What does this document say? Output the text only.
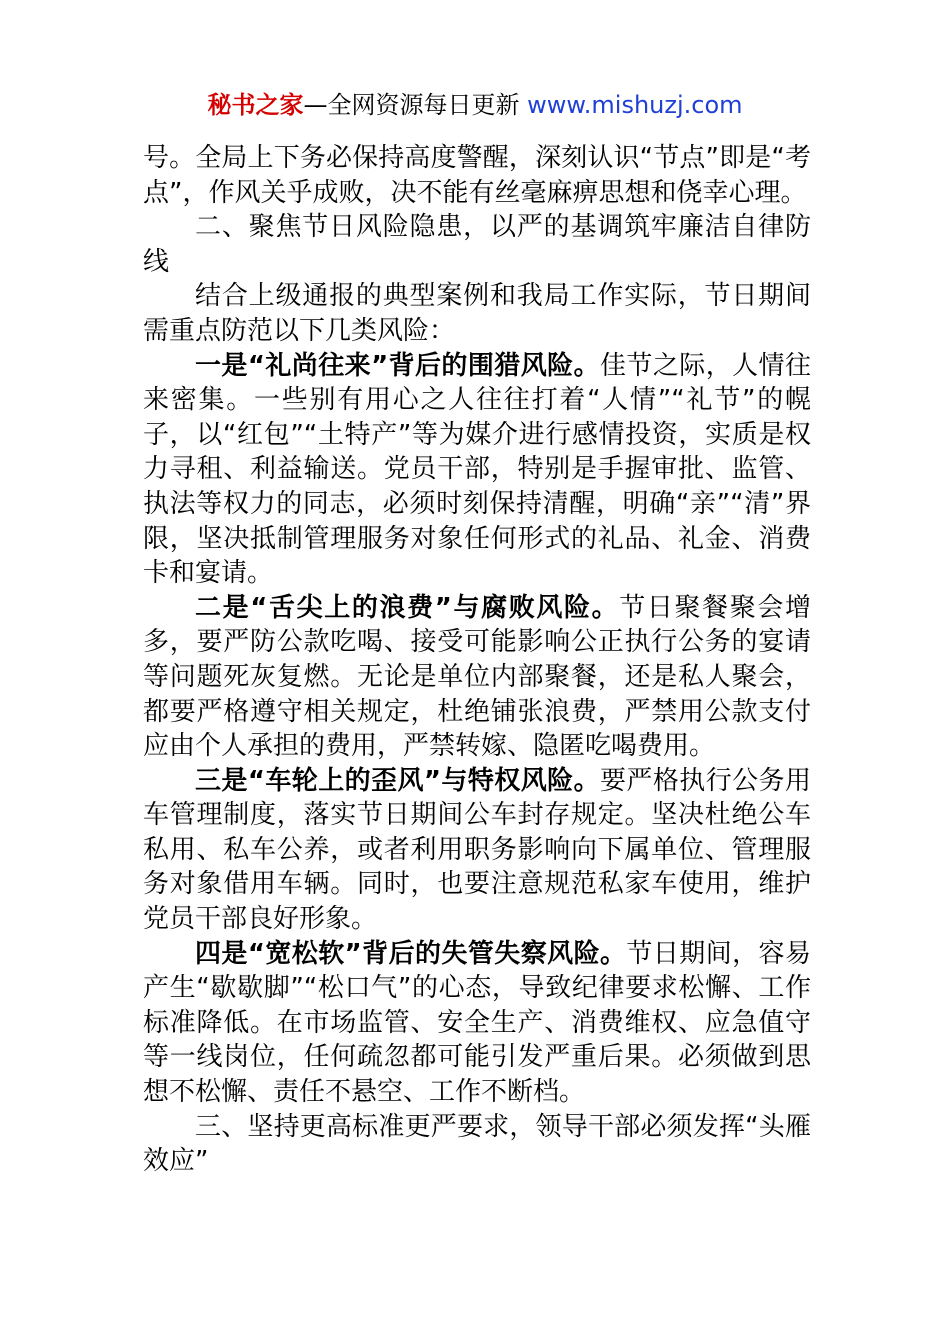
秘书之家—全网资源每日更新 www.mishuzj.com

号。全局上下务必保持高度警醒，深刻认识“节点”即是“考点”，作风关乎成败，决不能有丝毫麻痹思想和侥幸心理。

二、聚焦节日风险隐患，以严的基调筑牢廉洁自律防线

结合上级通报的典型案例和我局工作实际，节日期间需重点防范以下几类风险：

一是“礼尚往来”背后的围猎风险。佳节之际，人情往来密集。一些别有用心之人往往打着“人情”“礼节”的幌子，以“红包”“土特产”等为媒介进行感情投资，实质是权力寻租、利益输送。党员干部，特别是手握审批、监管、执法等权力的同志，必须时刻保持清醒，明确“亲”“清”界限，坚决抵制管理服务对象任何形式的礼品、礼金、消费卡和宴请。

二是“舌尖上的浪费”与腐败风险。节日聚餐聚会增多，要严防公款吃喝、接受可能影响公正执行公务的宴请等问题死灰复燃。无论是单位内部聚餐，还是私人聚会，都要严格遵守相关规定，杜绝铺张浪费，严禁用公款支付应由个人承担的费用，严禁转嫁、隐匿吃喝费用。

三是“车轮上的歪风”与特权风险。要严格执行公务用车管理制度，落实节日期间公车封存规定。坚决杜绝公车私用、私车公养，或者利用职务影响向下属单位、管理服务对象借用车辆。同时，也要注意规范私家车使用，维护党员干部良好形象。

四是“宽松软”背后的失管失察风险。节日期间，容易产生“歇歇脚”“松口气”的心态，导致纪律要求松懈、工作标准降低。在市场监管、安全生产、消费维权、应急值守等一线岗位，任何疏忽都可能引发严重后果。必须做到思想不松懈、责任不悬空、工作不断档。

三、坚持更高标准更严要求，领导干部必须发挥“头雁效应”
